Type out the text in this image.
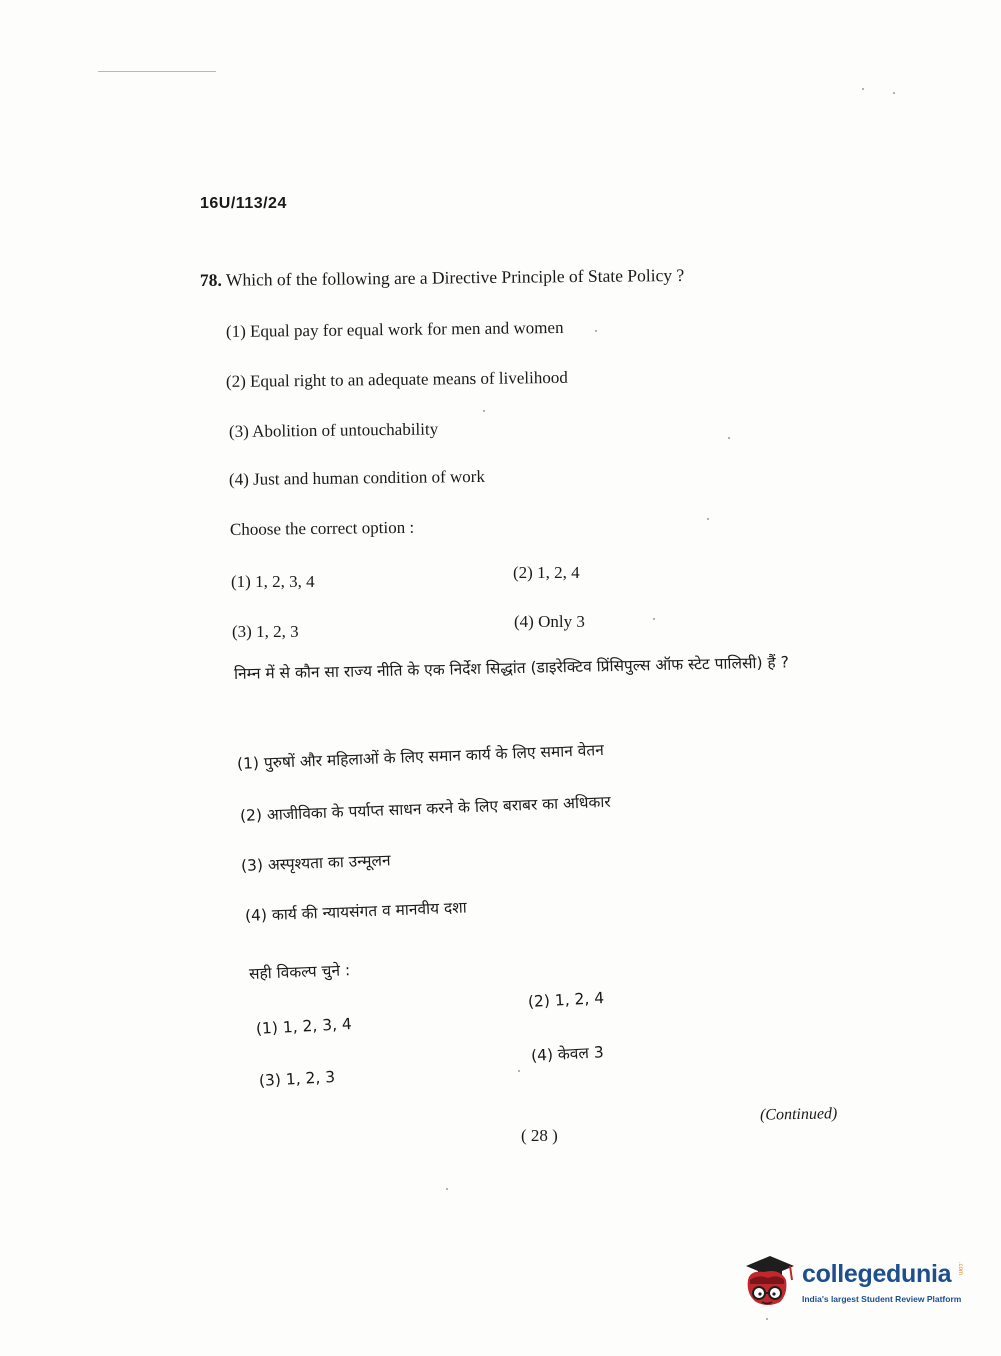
16U/113/24
78. Which of the following are a Directive Principle of State Policy ?
(1) Equal pay for equal work for men and women
(2) Equal right to an adequate means of livelihood
(3) Abolition of untouchability
(4) Just and human condition of work
Choose the correct option :
(1) 1, 2, 3, 4	(2) 1, 2, 4
(3) 1, 2, 3
(4) Only 3
निम्न में से कौन सा राज्य नीति के एक निर्देश सिद्धांत (डाइरेक्टिव प्रिंसिपुल्स ऑफ स्टेट पालिसी) हैं ?
(1) पुरुषों और महिलाओं के लिए समान कार्य के लिए समान वेतन
(2) आजीविका के पर्याप्त साधन करने के लिए बराबर का अधिकार
(3) अस्पृश्यता का उन्मूलन
(4) कार्य की न्यायसंगत व मानवीय दशा
सही विकल्प चुने :
(1) 1, 2, 3, 4
(2) 1, 2, 4
(3) 1, 2, 3
(4) केवल 3
(Continued)
( 28 )
collegedunia .com
India's largest Student Review Platform
